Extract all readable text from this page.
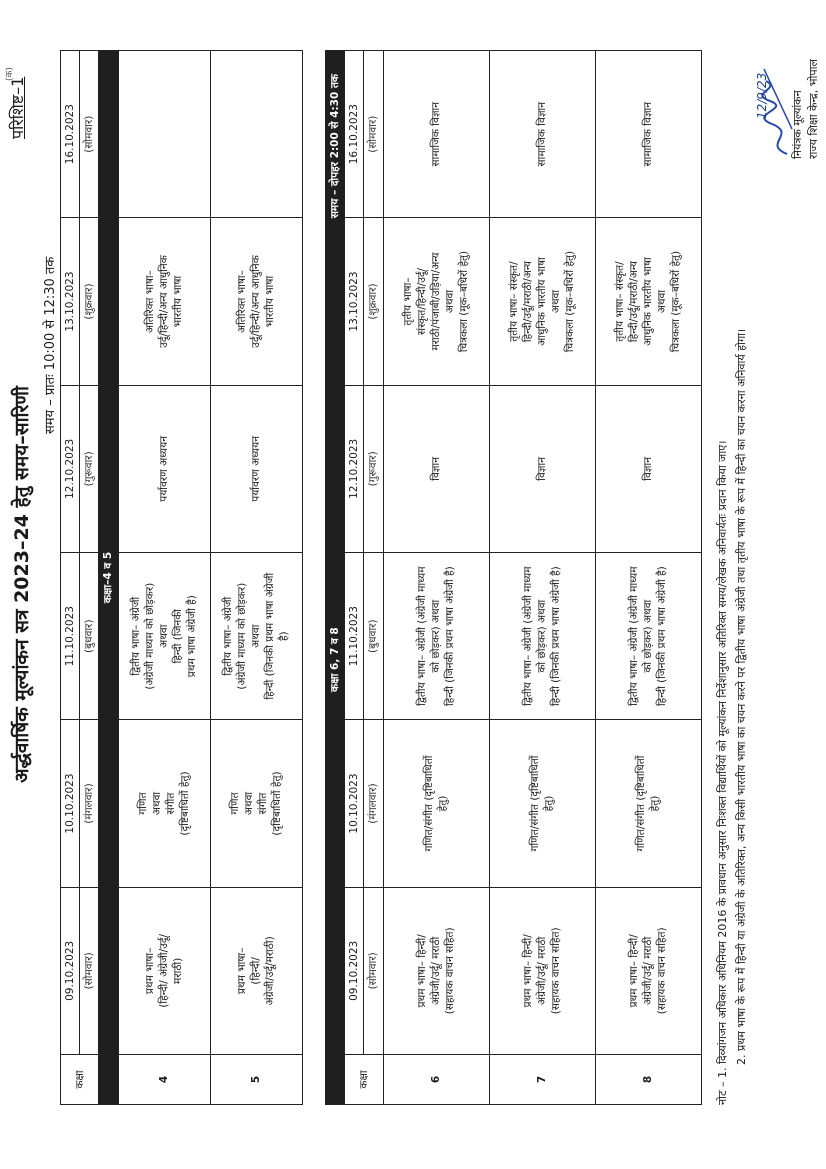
अर्द्धवार्षिक मूल्यांकन सत्र 2023–24 हेतु समय–सारिणी
परिशिष्ट–1
(क)
समय – प्रातः 10:00 से 12:30 तक
कक्षा	09.10.2023	10.10.2023	11.10.2023	12.10.2023	13.10.2023	16.10.2023
	(सोमवार)	(मंगलवार)	(बुधवार)	(गुरूवार)	(शुक्रवार)	(सोमवार)
कक्षा–4 व 5						
4	प्रथम भाषा– (हिन्दी/ अंग्रेजी/उर्दू/ मराठी)	गणित अथवा संगीत (दृष्टिबाधितों हेतु)	द्वितीय भाषा– अंग्रेजी (अंग्रेजी माध्यम को छोड़कर) अथवा हिन्दी (जिनकी प्रथम भाषा अंग्रेजी है)	पर्यावरण अध्ययन	अतिरिक्त भाषा– उर्दू/हिन्दी/अन्य आधुनिक भारतीय भाषा	

5	प्रथम भाषा– (हिन्दी/ अंग्रेजी/उर्दू/मराठी)	गणित अथवा संगीत (दृष्टिबाधितों हेतु)	द्वितीय भाषा– अंग्रेजी (अंग्रेजी माध्यम को छोड़कर) अथवा हिन्दी (जिनकी प्रथम भाषा अंग्रेजी है)	पर्यावरण अध्ययन	अतिरिक्त भाषा– उर्दू/हिन्दी/अन्य आधुनिक भारतीय भाषा	

कक्षा 6, 7 व 8
समय – दोपहर 2:00 से 4:30 तक						

कक्षा	09.10.2023	10.10.2023	11.10.2023	12.10.2023	13.10.2023	16.10.2023
	(सोमवार)	(मंगलवार)	(बुधवार)	(गुरूवार)	(शुक्रवार)	(सोमवार)
6	प्रथम भाषा– हिन्दी/ अंग्रेजी/उर्दू/ मराठी (सहायक वाचन सहित)	गणित/संगीत (दृष्टिबाधितों हेतु)	द्वितीय भाषा– अंग्रेजी (अंग्रेजी माध्यम को छोड़कर) अथवा हिन्दी (जिनकी प्रथम भाषा अंग्रेजी है)	विज्ञान	तृतीय भाषा– संस्कृत/हिन्दी/उर्दू/ मराठी/पंजाबी/उड़िया/अन्य अथवा चित्रकला (मूक–बधिरों हेतु)	सामाजिक विज्ञान

7	प्रथम भाषा– हिन्दी/ अंग्रेजी/उर्दू/ मराठी (सहायक वाचन सहित)	गणित/संगीत (दृष्टिबाधितों हेतु)	द्वितीय भाषा– अंग्रेजी (अंग्रेजी माध्यम को छोड़कर) अथवा हिन्दी (जिनकी प्रथम भाषा अंग्रेजी है)	विज्ञान	तृतीय भाषा– संस्कृत/ हिन्दी/उर्दू/मराठी/अन्य आधुनिक भारतीय भाषा अथवा चित्रकला (मूक–बधिरों हेतु)	सामाजिक विज्ञान

8	प्रथम भाषा– हिन्दी/ अंग्रेजी/उर्दू/ मराठी (सहायक वाचन सहित)	गणित/संगीत (दृष्टिबाधितों हेतु)	द्वितीय भाषा– अंग्रेजी (अंग्रेजी माध्यम को छोड़कर) अथवा हिन्दी (जिनकी प्रथम भाषा अंग्रेजी है)	विज्ञान	तृतीय भाषा– संस्कृत/ हिन्दी/उर्दू/मराठी/अन्य आधुनिक भारतीय भाषा अथवा चित्रकला (मूक–बधिरों हेतु)	सामाजिक विज्ञान
नोट – 1. दिव्यांगजन अधिकार अधिनियम 2016 के प्रावधान अनुसार निःशक्त विद्यार्थियों को मूल्यांकन निर्देशानुसार अतिरिक्त समय/लेखक अनिवार्यतः प्रदान किया जाए। 2. प्रथम भाषा के रूप में हिन्दी या अंग्रेजी के अतिरिक्त, अन्य किसी भारतीय भाषा का चयन करने पर द्वितीय भाषा अंग्रेजी तथा तृतीय भाषा के रूप में हिन्दी का चयन करना अनिवार्य होगा।
12/9/23 नियंत्रक मूल्यांकन राज्य शिक्षा केन्द्र, भोपाल
